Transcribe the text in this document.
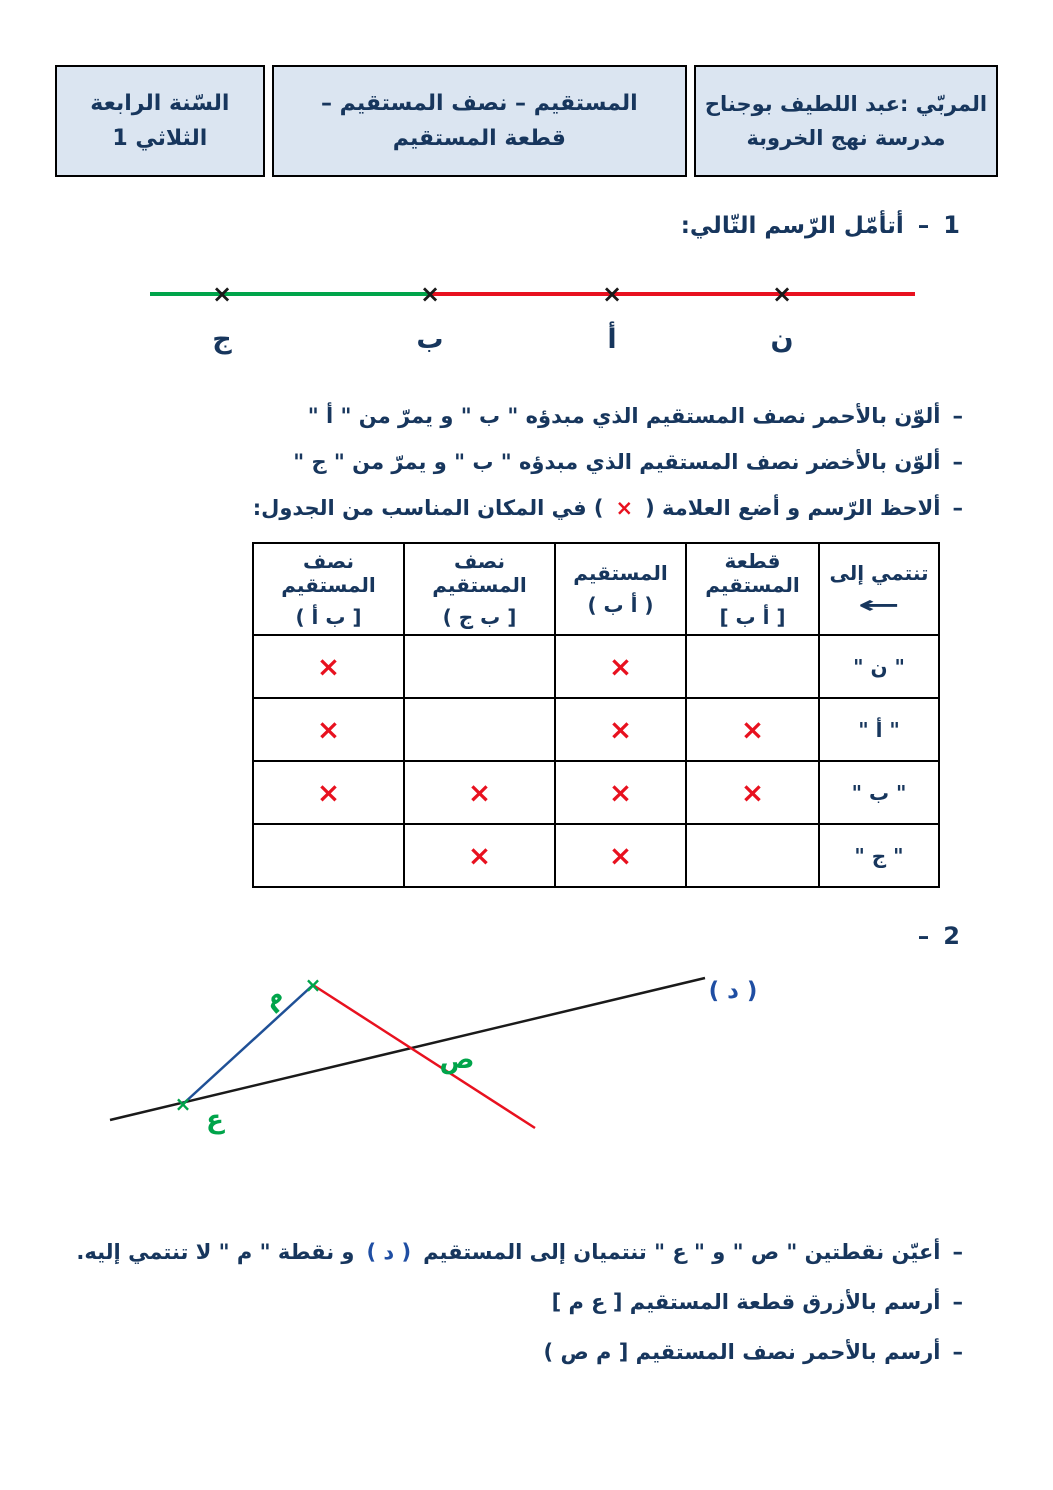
المربّي :عبد اللطيف بوجناح
مدرسة نهج الخروبة
المستقيم – نصف المستقيم –
قطعة المستقيم
السّنة الرابعة
الثلاثي 1
1
–
أتأمّل الرّسم التّالي:
×	×	×	×
ج	ب	أ	ن
–
ألوّن بالأحمر نصف المستقيم الذي مبدؤه " ب " و يمرّ من " أ "
–
ألوّن بالأخضر نصف المستقيم الذي مبدؤه " ب " و يمرّ من " ج "
–
ألاحظ الرّسم و أضع العلامة (
×
) في المكان المناسب من الجدول:
تنتمي إلى
←

قطعة المستقيم
[ أ ب ]

المستقيم
( أ ب )

نصف المستقيم
[ ب ج )

نصف المستقيم
[ ب أ )

" ن "		×		×
" أ "	×	×		×
" ب "	×	×	×	×
" ج "		×	×	
2
–
×
×
م
ع
ص
( د )
–
أعيّن نقطتين " ص " و " ع " تنتميان إلى المستقيم
( د )
و نقطة " م " لا تنتمي إليه.
–
أرسم بالأزرق قطعة المستقيم [ ع م ]
–
أرسم بالأحمر نصف المستقيم [ م ص )
